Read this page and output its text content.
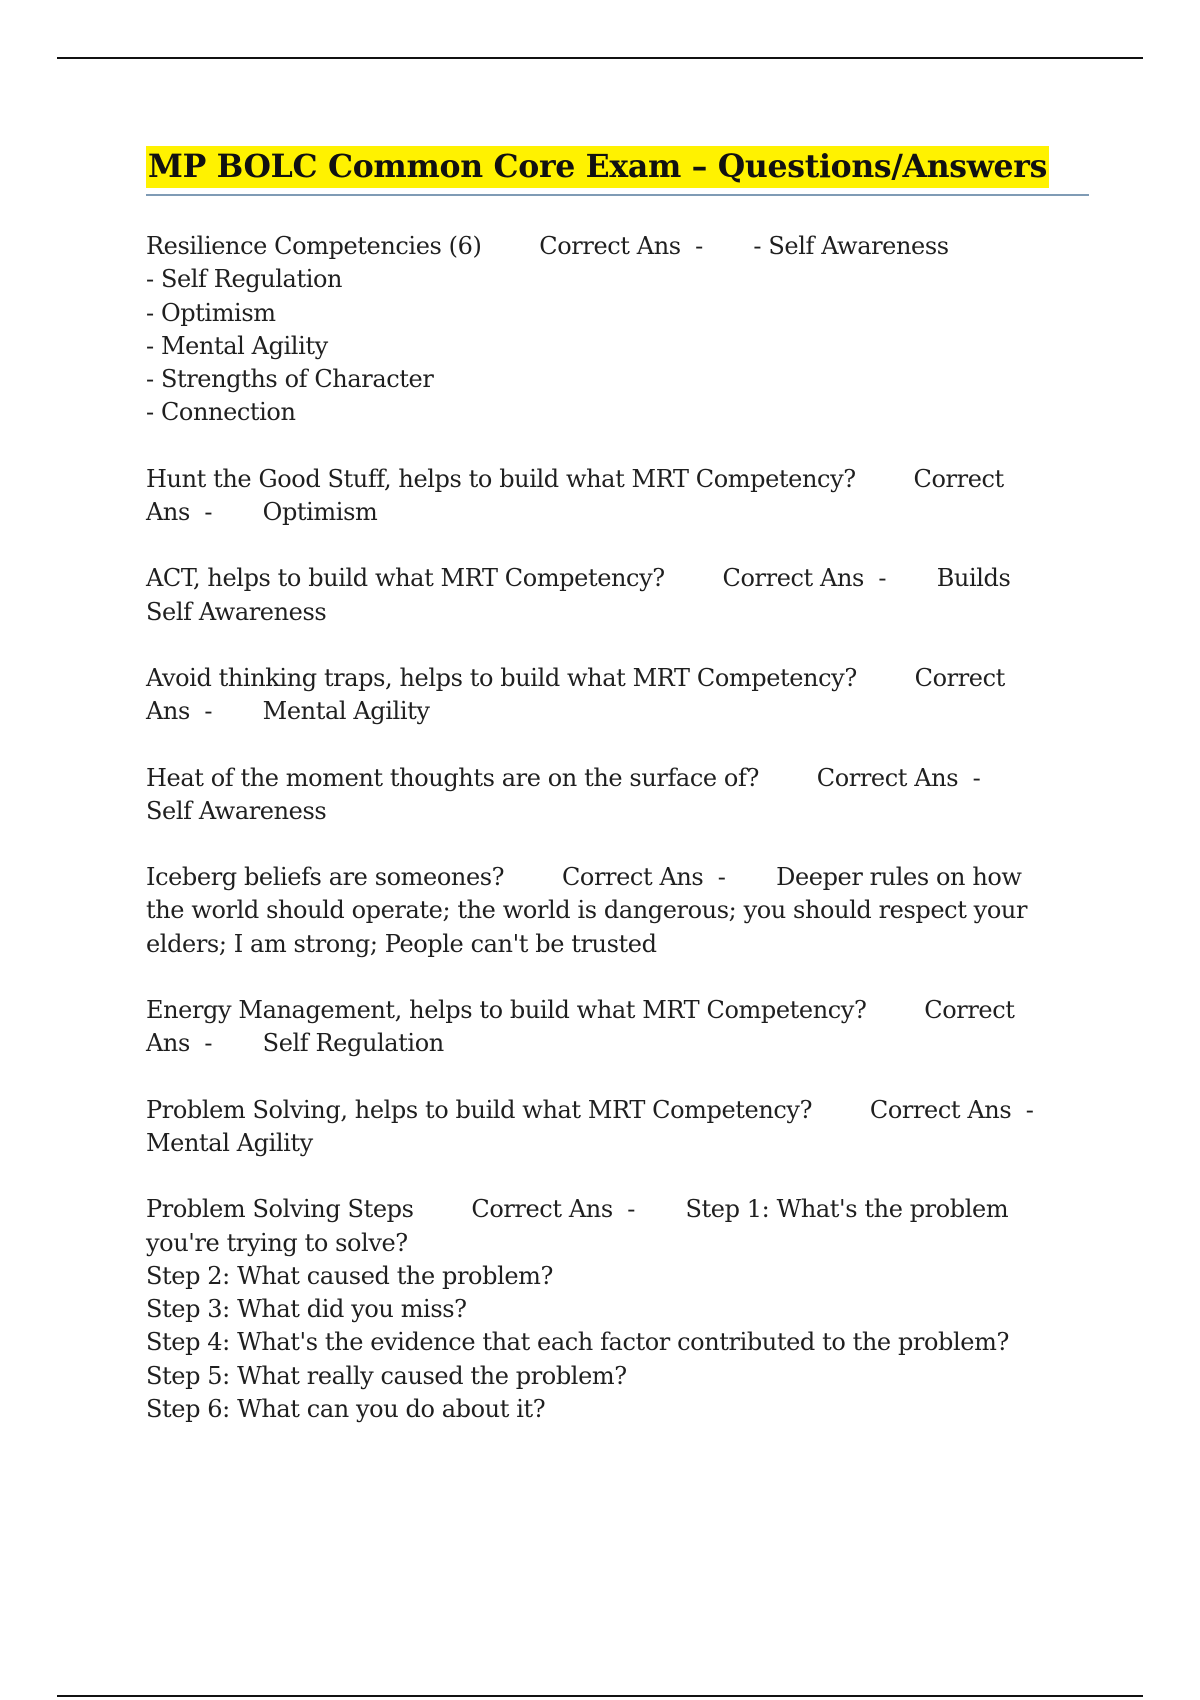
MP BOLC Common Core Exam – Questions/Answers
Resilience Competencies (6)        Correct Ans  -       - Self Awareness
- Self Regulation
- Optimism
- Mental Agility
- Strengths of Character
- Connection
Hunt the Good Stuff, helps to build what MRT Competency?        Correct
Ans  -       Optimism
ACT, helps to build what MRT Competency?        Correct Ans  -       Builds
Self Awareness
Avoid thinking traps, helps to build what MRT Competency?        Correct
Ans  -       Mental Agility
Heat of the moment thoughts are on the surface of?        Correct Ans  -
Self Awareness
Iceberg beliefs are someones?        Correct Ans  -       Deeper rules on how
the world should operate; the world is dangerous; you should respect your
elders; I am strong; People can't be trusted
Energy Management, helps to build what MRT Competency?        Correct
Ans  -       Self Regulation
Problem Solving, helps to build what MRT Competency?        Correct Ans  -
Mental Agility
Problem Solving Steps        Correct Ans  -       Step 1: What's the problem
you're trying to solve?
Step 2: What caused the problem?
Step 3: What did you miss?
Step 4: What's the evidence that each factor contributed to the problem?
Step 5: What really caused the problem?
Step 6: What can you do about it?
